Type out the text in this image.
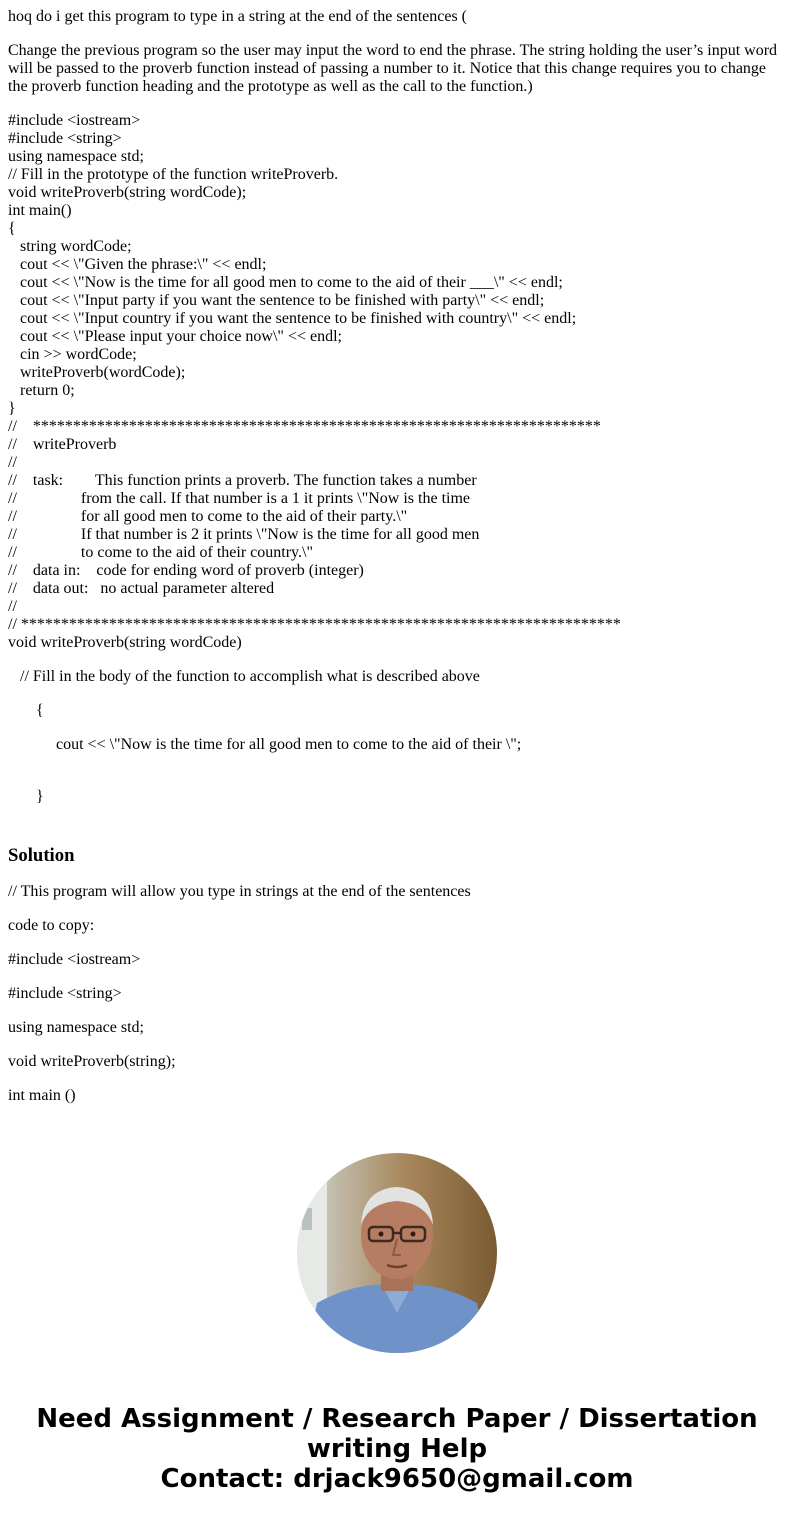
hoq do i get this program to type in a string at the end of the sentences (

Change the previous program so the user may input the word to end the phrase. The string holding the user’s input word will be passed to the proverb function instead of passing a number to it. Notice that this change requires you to change the proverb function heading and the prototype as well as the call to the function.)

#include <iostream>
#include <string>
using namespace std;
// Fill in the prototype of the function writeProverb.
void writeProverb(string wordCode);
int main()
{
string wordCode;
cout << \"Given the phrase:\" << endl;
cout << \"Now is the time for all good men to come to the aid of their ___\" << endl;
cout << \"Input party if you want the sentence to be finished with party\" << endl;
cout << \"Input country if you want the sentence to be finished with country\" << endl;
cout << \"Please input your choice now\" << endl;
cin >> wordCode;
writeProverb(wordCode);
return 0;
}
//    ***********************************************************************
//    writeProverb
//
//    task:        This function prints a proverb. The function takes a number
//                from the call. If that number is a 1 it prints \"Now is the time
//                for all good men to come to the aid of their party.\"
//                If that number is 2 it prints \"Now is the time for all good men
//                to come to the aid of their country.\"
//    data in:    code for ending word of proverb (integer)
//    data out:   no actual parameter altered
//
// ***************************************************************************
void writeProverb(string wordCode)

// Fill in the body of the function to accomplish what is described above

{

cout << \"Now is the time for all good men to come to the aid of their \";

}

Solution

// This program will allow you type in strings at the end of the sentences

code to copy:

#include <iostream>

#include <string>

using namespace std;

void writeProverb(string);

int main ()

Need Assignment / Research Paper / Dissertation
writing Help
Contact: drjack9650@gmail.com
